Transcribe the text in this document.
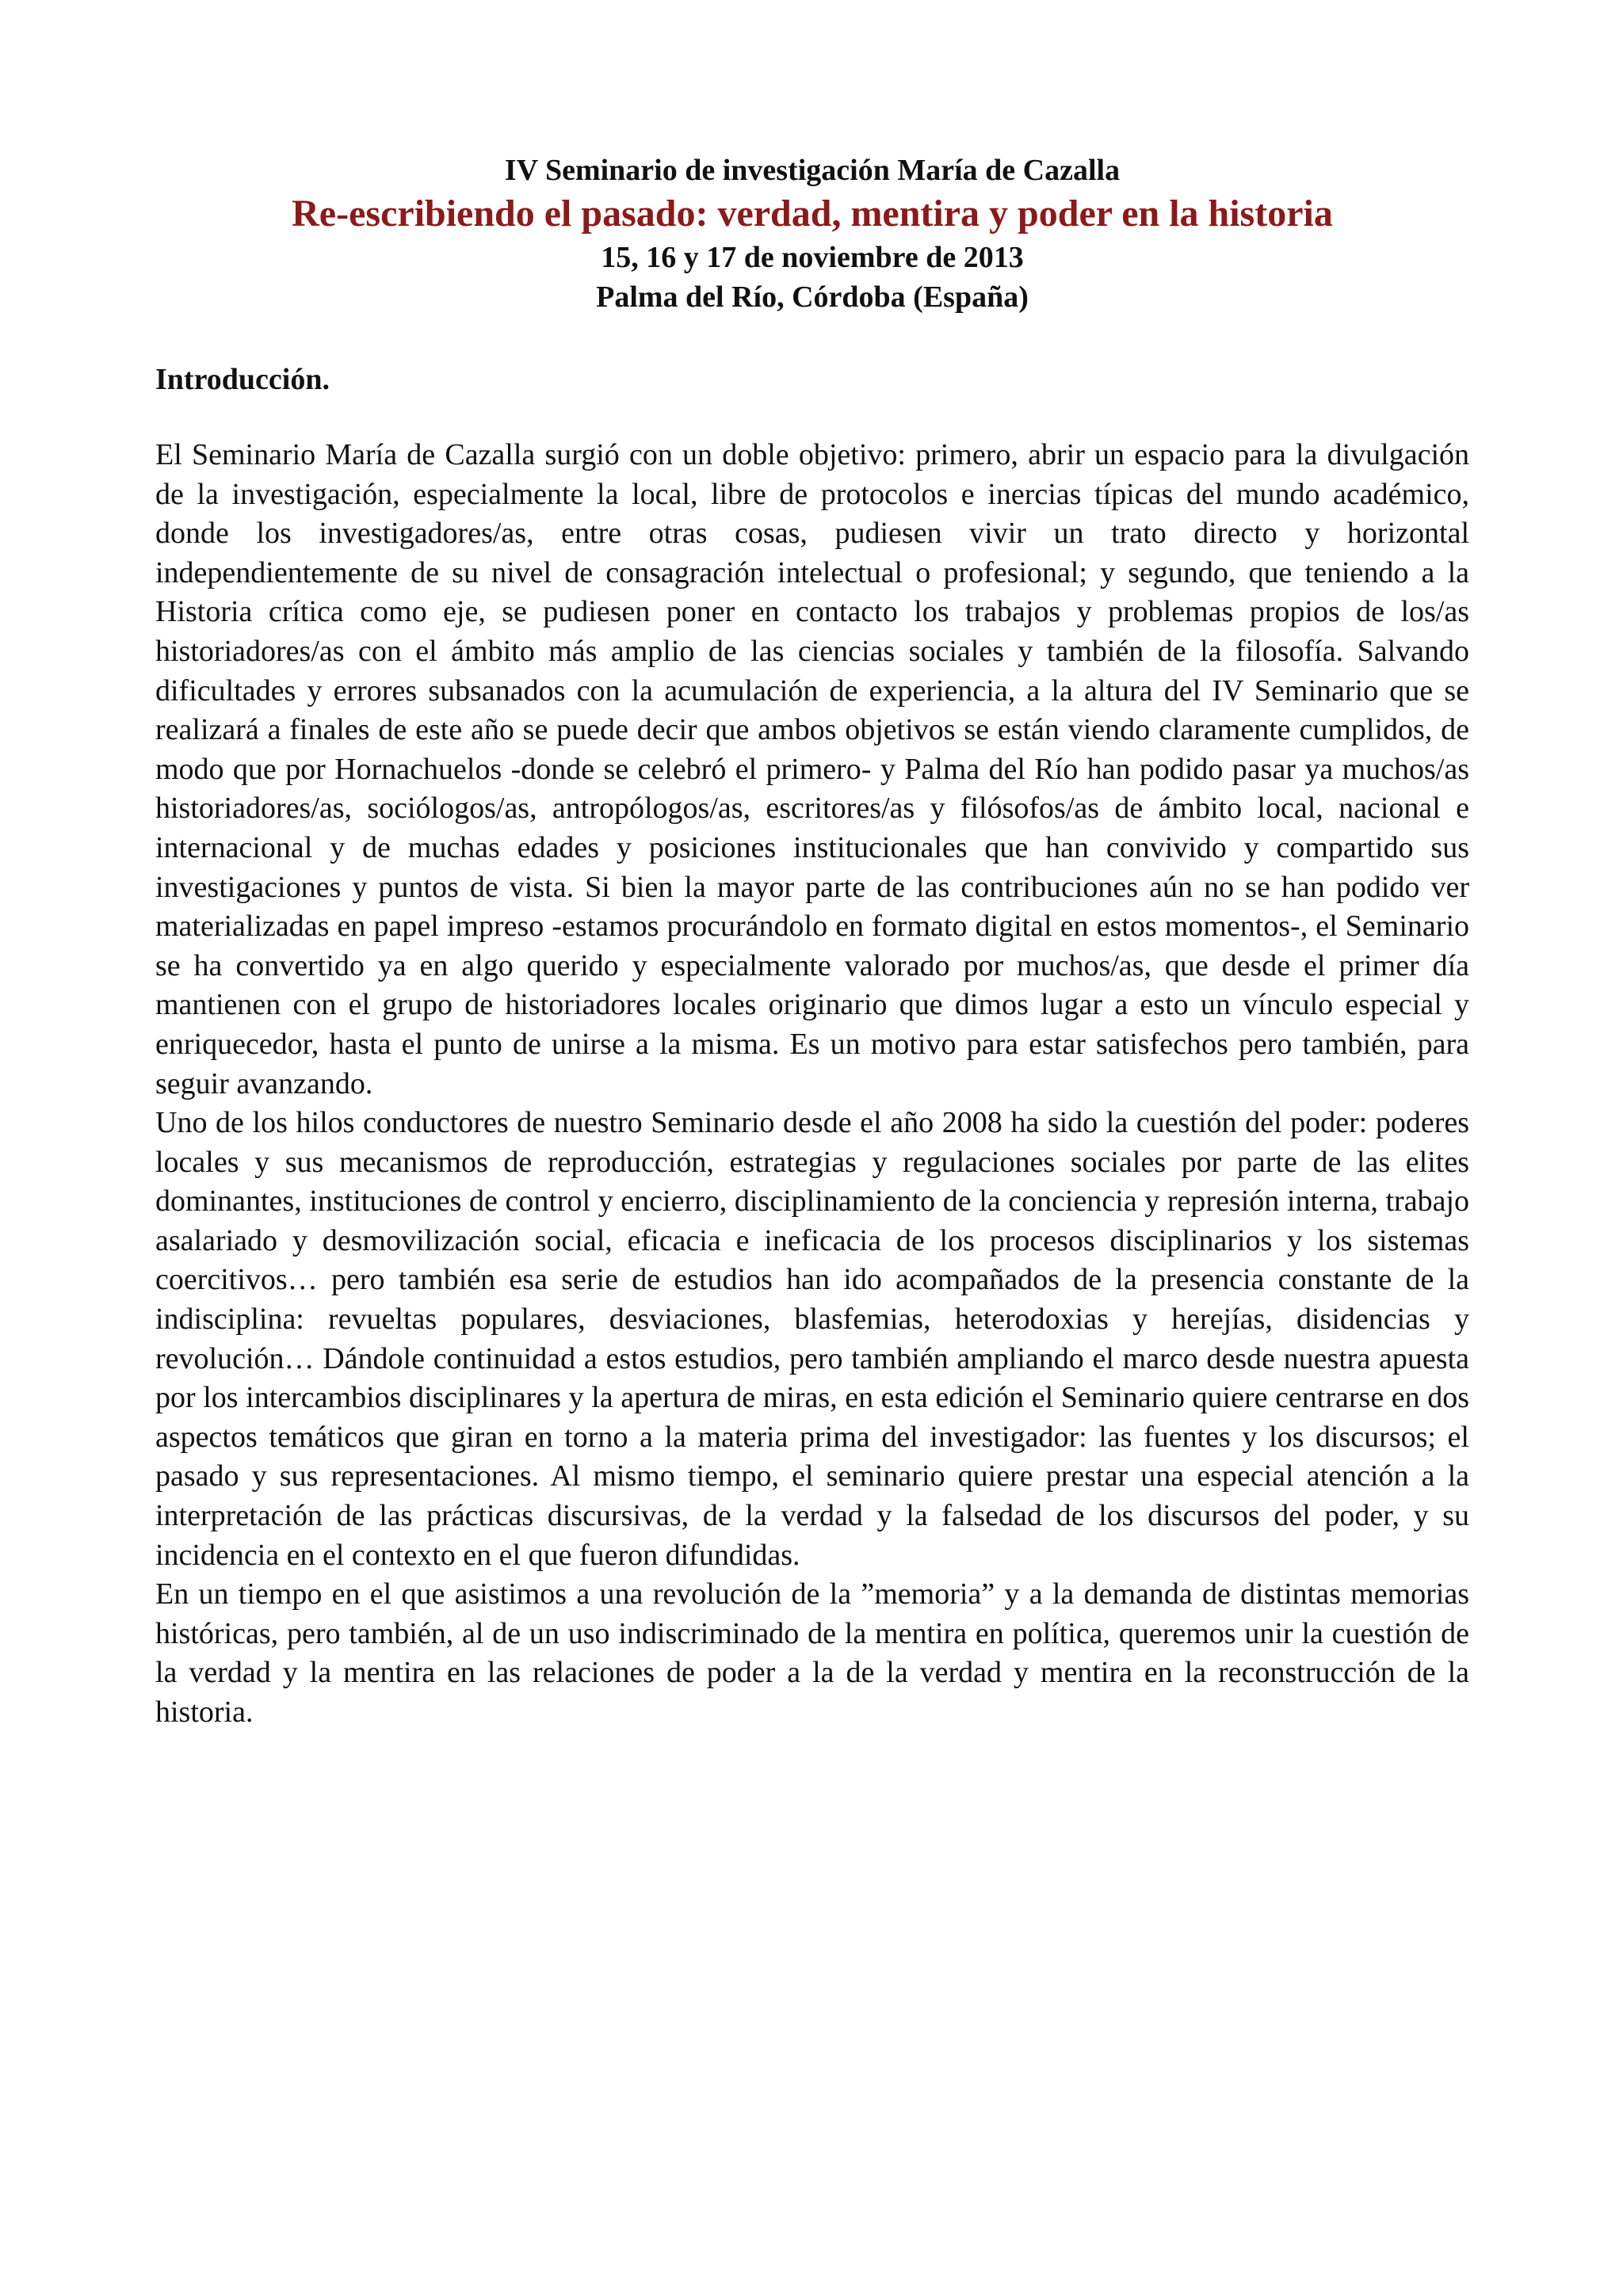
IV Seminario de investigación María de Cazalla

Re-escribiendo el pasado: verdad, mentira y poder en la historia

15, 16 y 17 de noviembre de 2013

Palma del Río, Córdoba (España)

Introducción.

El Seminario María de Cazalla surgió con un doble objetivo: primero, abrir un espacio para la divulgación de la investigación, especialmente la local, libre de protocolos e inercias típicas del mundo académico, donde los investigadores/as, entre otras cosas, pudiesen vivir un trato directo y horizontal independientemente de su nivel de consagración intelectual o profesional; y segundo, que teniendo a la Historia crítica como eje, se pudiesen poner en contacto los trabajos y problemas propios de los/as historiadores/as con el ámbito más amplio de las ciencias sociales y también de la filosofía. Salvando dificultades y errores subsanados con la acumulación de experiencia, a la altura del IV Seminario que se realizará a finales de este año se puede decir que ambos objetivos se están viendo claramente cumplidos, de modo que por Hornachuelos -donde se celebró el primero- y Palma del Río han podido pasar ya muchos/as historiadores/as, sociólogos/as, antropólogos/as, escritores/as y filósofos/as de ámbito local, nacional e internacional y de muchas edades y posiciones institucionales que han convivido y compartido sus investigaciones y puntos de vista. Si bien la mayor parte de las contribuciones aún no se han podido ver materializadas en papel impreso -estamos procurándolo en formato digital en estos momentos-, el Seminario se ha convertido ya en algo querido y especialmente valorado por muchos/as, que desde el primer día mantienen con el grupo de historiadores locales originario que dimos lugar a esto un vínculo especial y enriquecedor, hasta el punto de unirse a la misma. Es un motivo para estar satisfechos pero también, para seguir avanzando.

Uno de los hilos conductores de nuestro Seminario desde el año 2008 ha sido la cuestión del poder: poderes locales y sus mecanismos de reproducción, estrategias y regulaciones sociales por parte de las elites dominantes, instituciones de control y encierro, disciplinamiento de la conciencia y represión interna, trabajo asalariado y desmovilización social, eficacia e ineficacia de los procesos disciplinarios y los sistemas coercitivos… pero también esa serie de estudios han ido acompañados de la presencia constante de la indisciplina: revueltas populares, desviaciones, blasfemias, heterodoxias y herejías, disidencias y revolución… Dándole continuidad a estos estudios, pero también ampliando el marco desde nuestra apuesta por los intercambios disciplinares y la apertura de miras, en esta edición el Seminario quiere centrarse en dos aspectos temáticos que giran en torno a la materia prima del investigador: las fuentes y los discursos; el pasado y sus representaciones. Al mismo tiempo, el seminario quiere prestar una especial atención a la interpretación de las prácticas discursivas, de la verdad y la falsedad de los discursos del poder, y su incidencia en el contexto en el que fueron difundidas.

En un tiempo en el que asistimos a una revolución de la ”memoria” y a la demanda de distintas memorias históricas, pero también, al de un uso indiscriminado de la mentira en política, queremos unir la cuestión de la verdad y la mentira en las relaciones de poder a la de la verdad y mentira en la reconstrucción de la historia.
